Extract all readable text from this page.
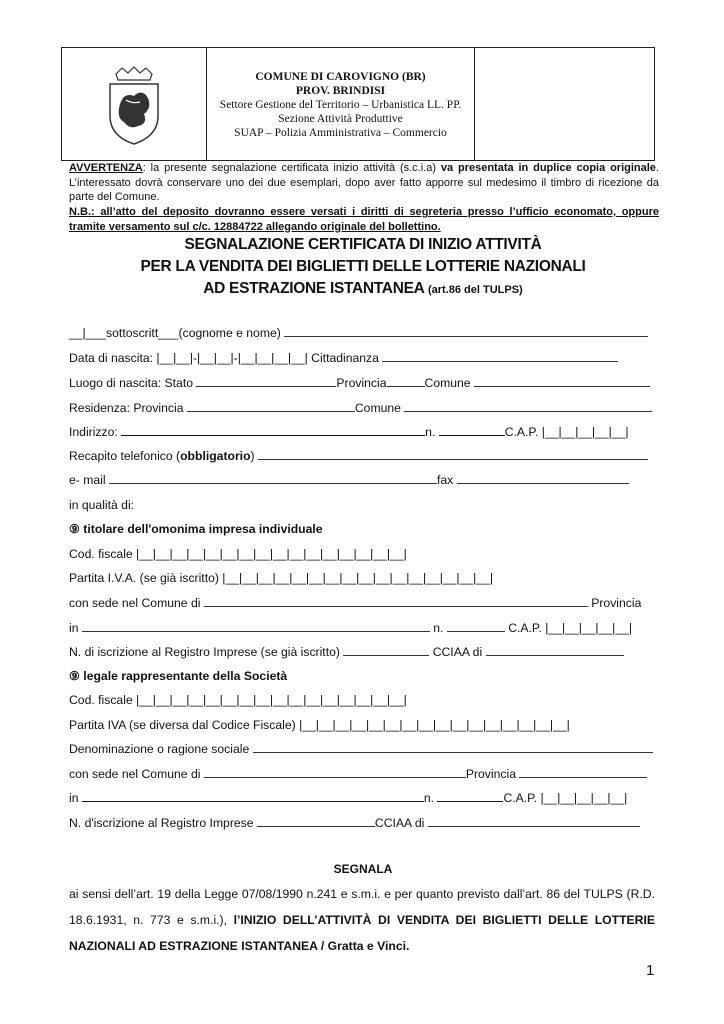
COMUNE DI CAROVIGNO (BR)
PROV. BRINDISI
Settore Gestione del Territorio – Urbanistica LL. PP.
Sezione Attività Produttive
SUAP – Polizia Amministrativa – Commercio
AVVERTENZA: la presente segnalazione certificata inizio attività (s.c.i.a) va presentata in duplice copia originale. L’interessato dovrà conservare uno dei due esemplari, dopo aver fatto apporre sul medesimo il timbro di ricezione da parte del Comune.
N.B.: all’atto del deposito dovranno essere versati i diritti di segreteria presso l’ufficio economato, oppure tramite versamento sul c/c. 12884722 allegando originale del bollettino.
SEGNALAZIONE CERTIFICATA DI INIZIO ATTIVITÀ
PER LA VENDITA DEI BIGLIETTI DELLE LOTTERIE NAZIONALI
AD ESTRAZIONE ISTANTANEA (art.86 del TULPS)
__|___sottoscritt___(cognome e nome)
Data di nascita: |__|__|-|__|__|-|__|__|__|__| Cittadinanza
Luogo di nascita: Stato	Provincia	Comune
Residenza: Provincia	Comune
Indirizzo:	n.	C.A.P. |__|__|__|__|__|
Recapito telefonico (obbligatorio)
e- mail	fax
in qualità di:
⑨ titolare dell'omonima impresa individuale
Cod. fiscale |__|__|__|__|__|__|__|__|__|__|__|__|__|__|__|__|
Partita I.V.A. (se già iscritto) |__|__|__|__|__|__|__|__|__|__|__|__|__|__|__|__|
con sede nel Comune di	Provincia
in	n.	C.A.P. |__|__|__|__|__|
N. di iscrizione al Registro Imprese (se già iscritto)	CCIAA di
⑨ legale rappresentante della Società
Cod. fiscale |__|__|__|__|__|__|__|__|__|__|__|__|__|__|__|__|
Partita IVA (se diversa dal Codice Fiscale) |__|__|__|__|__|__|__|__|__|__|__|__|__|__|__|__|
Denominazione o ragione sociale
con sede nel Comune di	Provincia
in	n.	C.A.P. |__|__|__|__|__|
N. d'iscrizione al Registro Imprese	CCIAA di
SEGNALA
ai sensi dell’art. 19 della Legge 07/08/1990 n.241 e s.m.i. e per quanto previsto dall’art. 86 del TULPS (R.D. 18.6.1931, n. 773 e s.m.i.), l’INIZIO DELL’ATTIVITÀ DI VENDITA DEI BIGLIETTI DELLE LOTTERIE NAZIONALI AD ESTRAZIONE ISTANTANEA / Gratta e Vinci.
1
